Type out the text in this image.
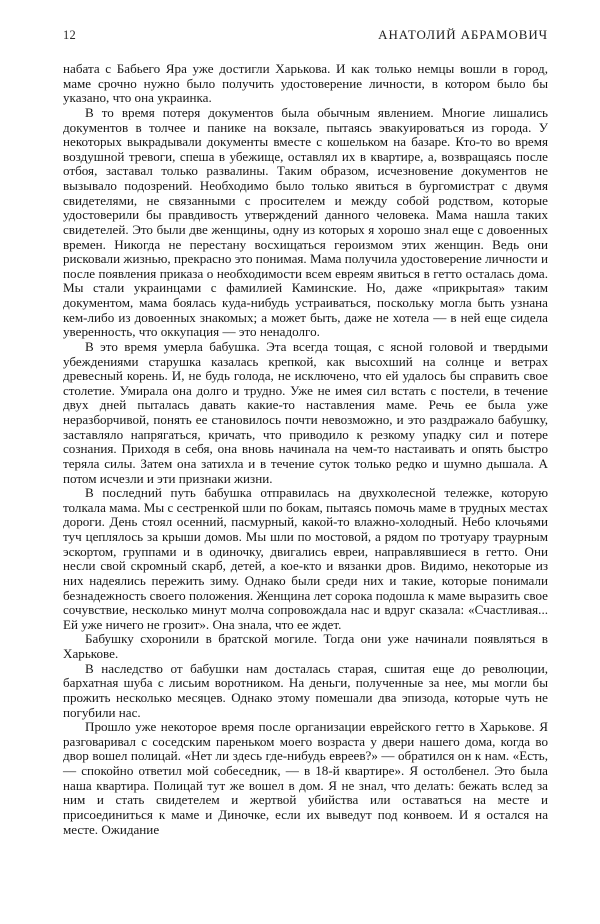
12	АНАТОЛИЙ АБРАМОВИЧ

набата с Бабьего Яра уже достигли Харькова. И как только немцы вошли в город, маме срочно нужно было получить удостоверение личности, в котором было бы указано, что она украинка.

В то время потеря документов была обычным явлением. Многие лишались документов в толчее и панике на вокзале, пытаясь эвакуироваться из города. У некоторых выкрадывали документы вместе с кошельком на базаре. Кто-то во время воздушной тревоги, спеша в убежище, оставлял их в квартире, а, возвращаясь после отбоя, заставал только развалины. Таким образом, исчезновение документов не вызывало подозрений. Необходимо было только явиться в бургомистрат с двумя свидетелями, не связанными с просителем и между собой родством, которые удостоверили бы правдивость утверждений данного человека. Мама нашла таких свидетелей. Это были две женщины, одну из которых я хорошо знал еще с довоенных времен. Никогда не перестану восхищаться героизмом этих женщин. Ведь они рисковали жизнью, прекрасно это понимая. Мама получила удостоверение личности и после появления приказа о необходимости всем евреям явиться в гетто осталась дома. Мы стали украинцами с фамилией Каминские. Но, даже «прикрытая» таким документом, мама боялась куда-нибудь устраиваться, поскольку могла быть узнана кем-либо из довоенных знакомых; а может быть, даже не хотела — в ней еще сидела уверенность, что оккупация — это ненадолго.

В это время умерла бабушка. Эта всегда тощая, с ясной головой и твердыми убеждениями старушка казалась крепкой, как высохший на солнце и ветрах древесный корень. И, не будь голода, не исключено, что ей удалось бы справить свое столетие. Умирала она долго и трудно. Уже не имея сил встать с постели, в течение двух дней пыталась давать какие-то наставления маме. Речь ее была уже неразборчивой, понять ее становилось почти невозможно, и это раздражало бабушку, заставляло напрягаться, кричать, что приводило к резкому упадку сил и потере сознания. Приходя в себя, она вновь начинала на чем-то настаивать и опять быстро теряла силы. Затем она затихла и в течение суток только редко и шумно дышала. А потом исчезли и эти признаки жизни.

В последний путь бабушка отправилась на двухколесной тележке, которую толкала мама. Мы с сестренкой шли по бокам, пытаясь помочь маме в трудных местах дороги. День стоял осенний, пасмурный, какой-то влажно-холодный. Небо клочьями туч цеплялось за крыши домов. Мы шли по мостовой, а рядом по тротуару траурным эскортом, группами и в одиночку, двигались евреи, направлявшиеся в гетто. Они несли свой скромный скарб, детей, а кое-кто и вязанки дров. Видимо, некоторые из них надеялись пережить зиму. Однако были среди них и такие, которые понимали безнадежность своего положения. Женщина лет сорока подошла к маме выразить свое сочувствие, несколько минут молча сопровождала нас и вдруг сказала: «Счастливая... Ей уже ничего не грозит». Она знала, что ее ждет.

Бабушку схоронили в братской могиле. Тогда они уже начинали появляться в Харькове.

В наследство от бабушки нам досталась старая, сшитая еще до революции, бархатная шуба с лисьим воротником. На деньги, полученные за нее, мы могли бы прожить несколько месяцев. Однако этому помешали два эпизода, которые чуть не погубили нас.

Прошло уже некоторое время после организации еврейского гетто в Харькове. Я разговаривал с соседским пареньком моего возраста у двери нашего дома, когда во двор вошел полицай. «Нет ли здесь где-нибудь евреев?» — обратился он к нам. «Есть, — спокойно ответил мой собеседник, — в 18-й квартире». Я остолбенел. Это была наша квартира. Полицай тут же вошел в дом. Я не знал, что делать: бежать вслед за ним и стать свидетелем и жертвой убийства или оставаться на месте и присоединиться к маме и Диночке, если их выведут под конвоем. И я остался на месте. Ожидание
